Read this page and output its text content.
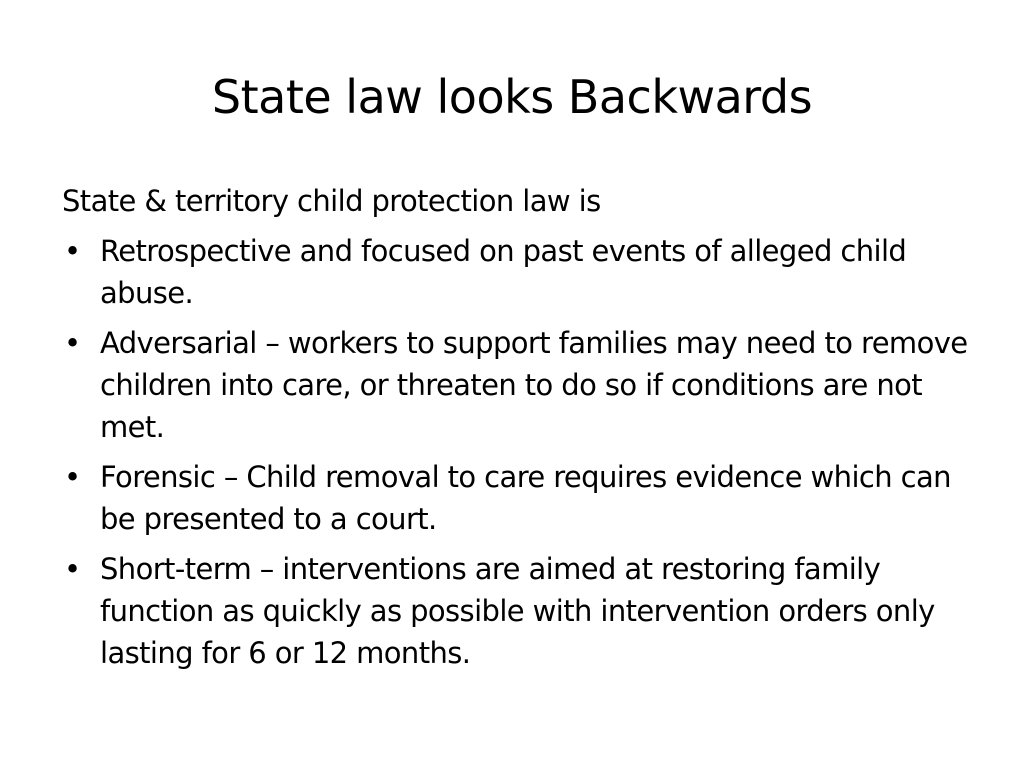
State law looks Backwards

State & territory child protection law is

• Retrospective and focused on past events of alleged child abuse.
• Adversarial – workers to support families may need to remove children into care, or threaten to do so if conditions are not met.
• Forensic – Child removal to care requires evidence which can be presented to a court.
• Short-term – interventions are aimed at restoring family function as quickly as possible with intervention orders only lasting for 6 or 12 months.
